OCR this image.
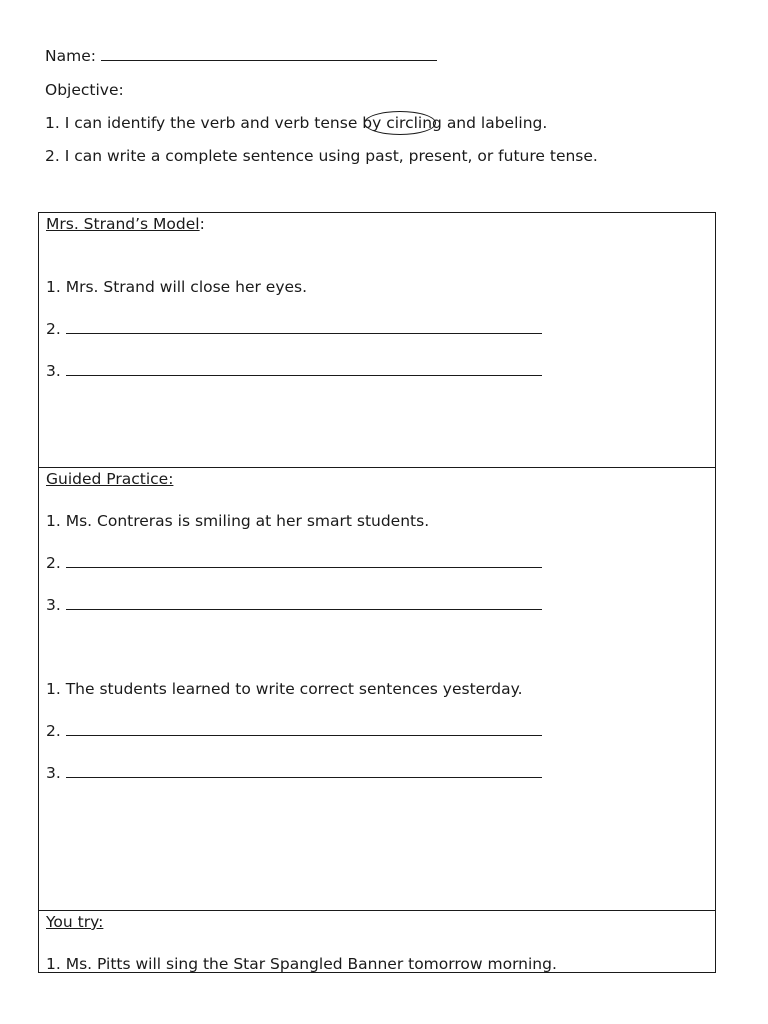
Name:
Objective:
1. I can identify the verb and verb tense b
y circling and labeling.
2. I can write a complete sentence using past, present, or future tense.
Mrs. Strand’s Model:
1. Mrs. Strand will close her eyes.
2.
3.
Guided Practice:
1. Ms. Contreras is smiling at her smart students.
2.
3.
1. The students learned to write correct sentences yesterday.
2.
3.
You try:
1. Ms. Pitts will sing the Star Spangled Banner tomorrow morning.
